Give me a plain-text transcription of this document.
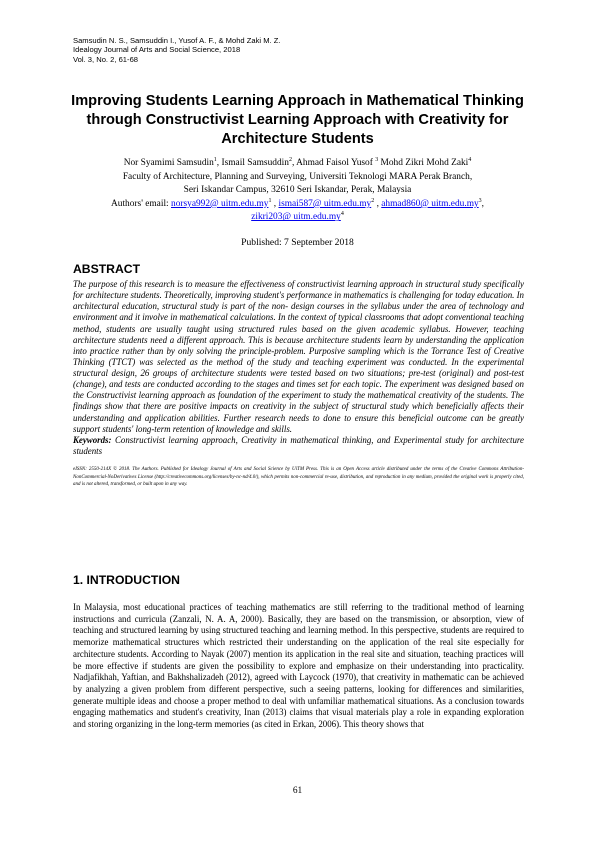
Samsudin N. S., Samsuddin I., Yusof A. F., & Mohd Zaki M. Z.
Idealogy Journal of Arts and Social Science, 2018
Vol. 3, No. 2, 61-68
Improving Students Learning Approach in Mathematical Thinking through Constructivist Learning Approach with Creativity for Architecture Students
Nor Syamimi Samsudin$^1$, Ismail Samsuddin$^2$, Ahmad Faisol Yusof $^3$ Mohd Zikri Mohd Zaki$^4$
Faculty of Architecture, Planning and Surveying, Universiti Teknologi MARA Perak Branch,
Seri Iskandar Campus, 32610 Seri Iskandar, Perak, Malaysia
Authors' email: norsya992@ $uitm.edu.my^1$ , ismai587@ $uitm.edu.my^2$ , ahmad860@ $uitm.edu.my^3$,
zikri203@ $uitm.edu.my^4$
Published: 7 September 2018
ABSTRACT
The purpose of this research is to measure the effectiveness of constructivist learning approach in structural study specifically for architecture students. Theoretically, improving student's performance in mathematics is challenging for today education. In architectural education, structural study is part of the non- design courses in the syllabus under the area of technology and environment and it involve in mathematical calculations. In the context of typical classrooms that adopt conventional teaching method, students are usually taught using structured rules based on the given academic syllabus. However, teaching architecture students need a different approach. This is because architecture students learn by understanding the application into practice rather than by only solving the principle-problem. Purposive sampling which is the Torrance Test of Creative Thinking (TTCT) was selected as the method of the study and teaching experiment was conducted. In the experimental structural design, 26 groups of architecture students were tested based on two situations; pre-test (original) and post-test (change), and tests are conducted according to the stages and times set for each topic. The experiment was designed based on the Constructivist learning approach as foundation of the experiment to study the mathematical creativity of the students. The findings show that there are positive impacts on creativity in the subject of structural study which beneficially affects their understanding and application abilities. Further research needs to done to ensure this beneficial outcome can be greatly support students' long-term retention of knowledge and skills.
Keywords: Constructivist learning approach, Creativity in mathematical thinking, and Experimental study for architecture students
eISSN: 2550-214X © 2018. The Authors. Published for Idealogy Journal of Arts and Social Science by UiTM Press. This is an Open Access article distributed under the terms of the Creative Commons Attribution-NonCommercial-NoDerivatives License (http://creativecommons.org/licenses/by-nc-nd/4.0/), which permits non-commercial re-use, distribution, and reproduction in any medium, provided the original work is properly cited, and is not altered, transformed, or built upon in any way.
1. INTRODUCTION
In Malaysia, most educational practices of teaching mathematics are still referring to the traditional method of learning instructions and curricula (Zanzali, N. A. A, 2000). Basically, they are based on the transmission, or absorption, view of teaching and structured learning by using structured teaching and learning method. In this perspective, students are required to memorize mathematical structures which restricted their understanding on the application of the real site especially for architecture students. According to Nayak (2007) mention its application in the real site and situation, teaching practices will be more effective if students are given the possibility to explore and emphasize on their understanding into practicality. Nadjafikhah, Yaftian, and Bakhshalizadeh (2012), agreed with Laycock (1970), that creativity in mathematic can be achieved by analyzing a given problem from different perspective, such a seeing patterns, looking for differences and similarities, generate multiple ideas and choose a proper method to deal with unfamiliar mathematical situations. As a conclusion towards engaging mathematics and student's creativity, Inan (2013) claims that visual materials play a role in expanding exploration and storing organizing in the long-term memories (as cited in Erkan, 2006). This theory shows that
61
